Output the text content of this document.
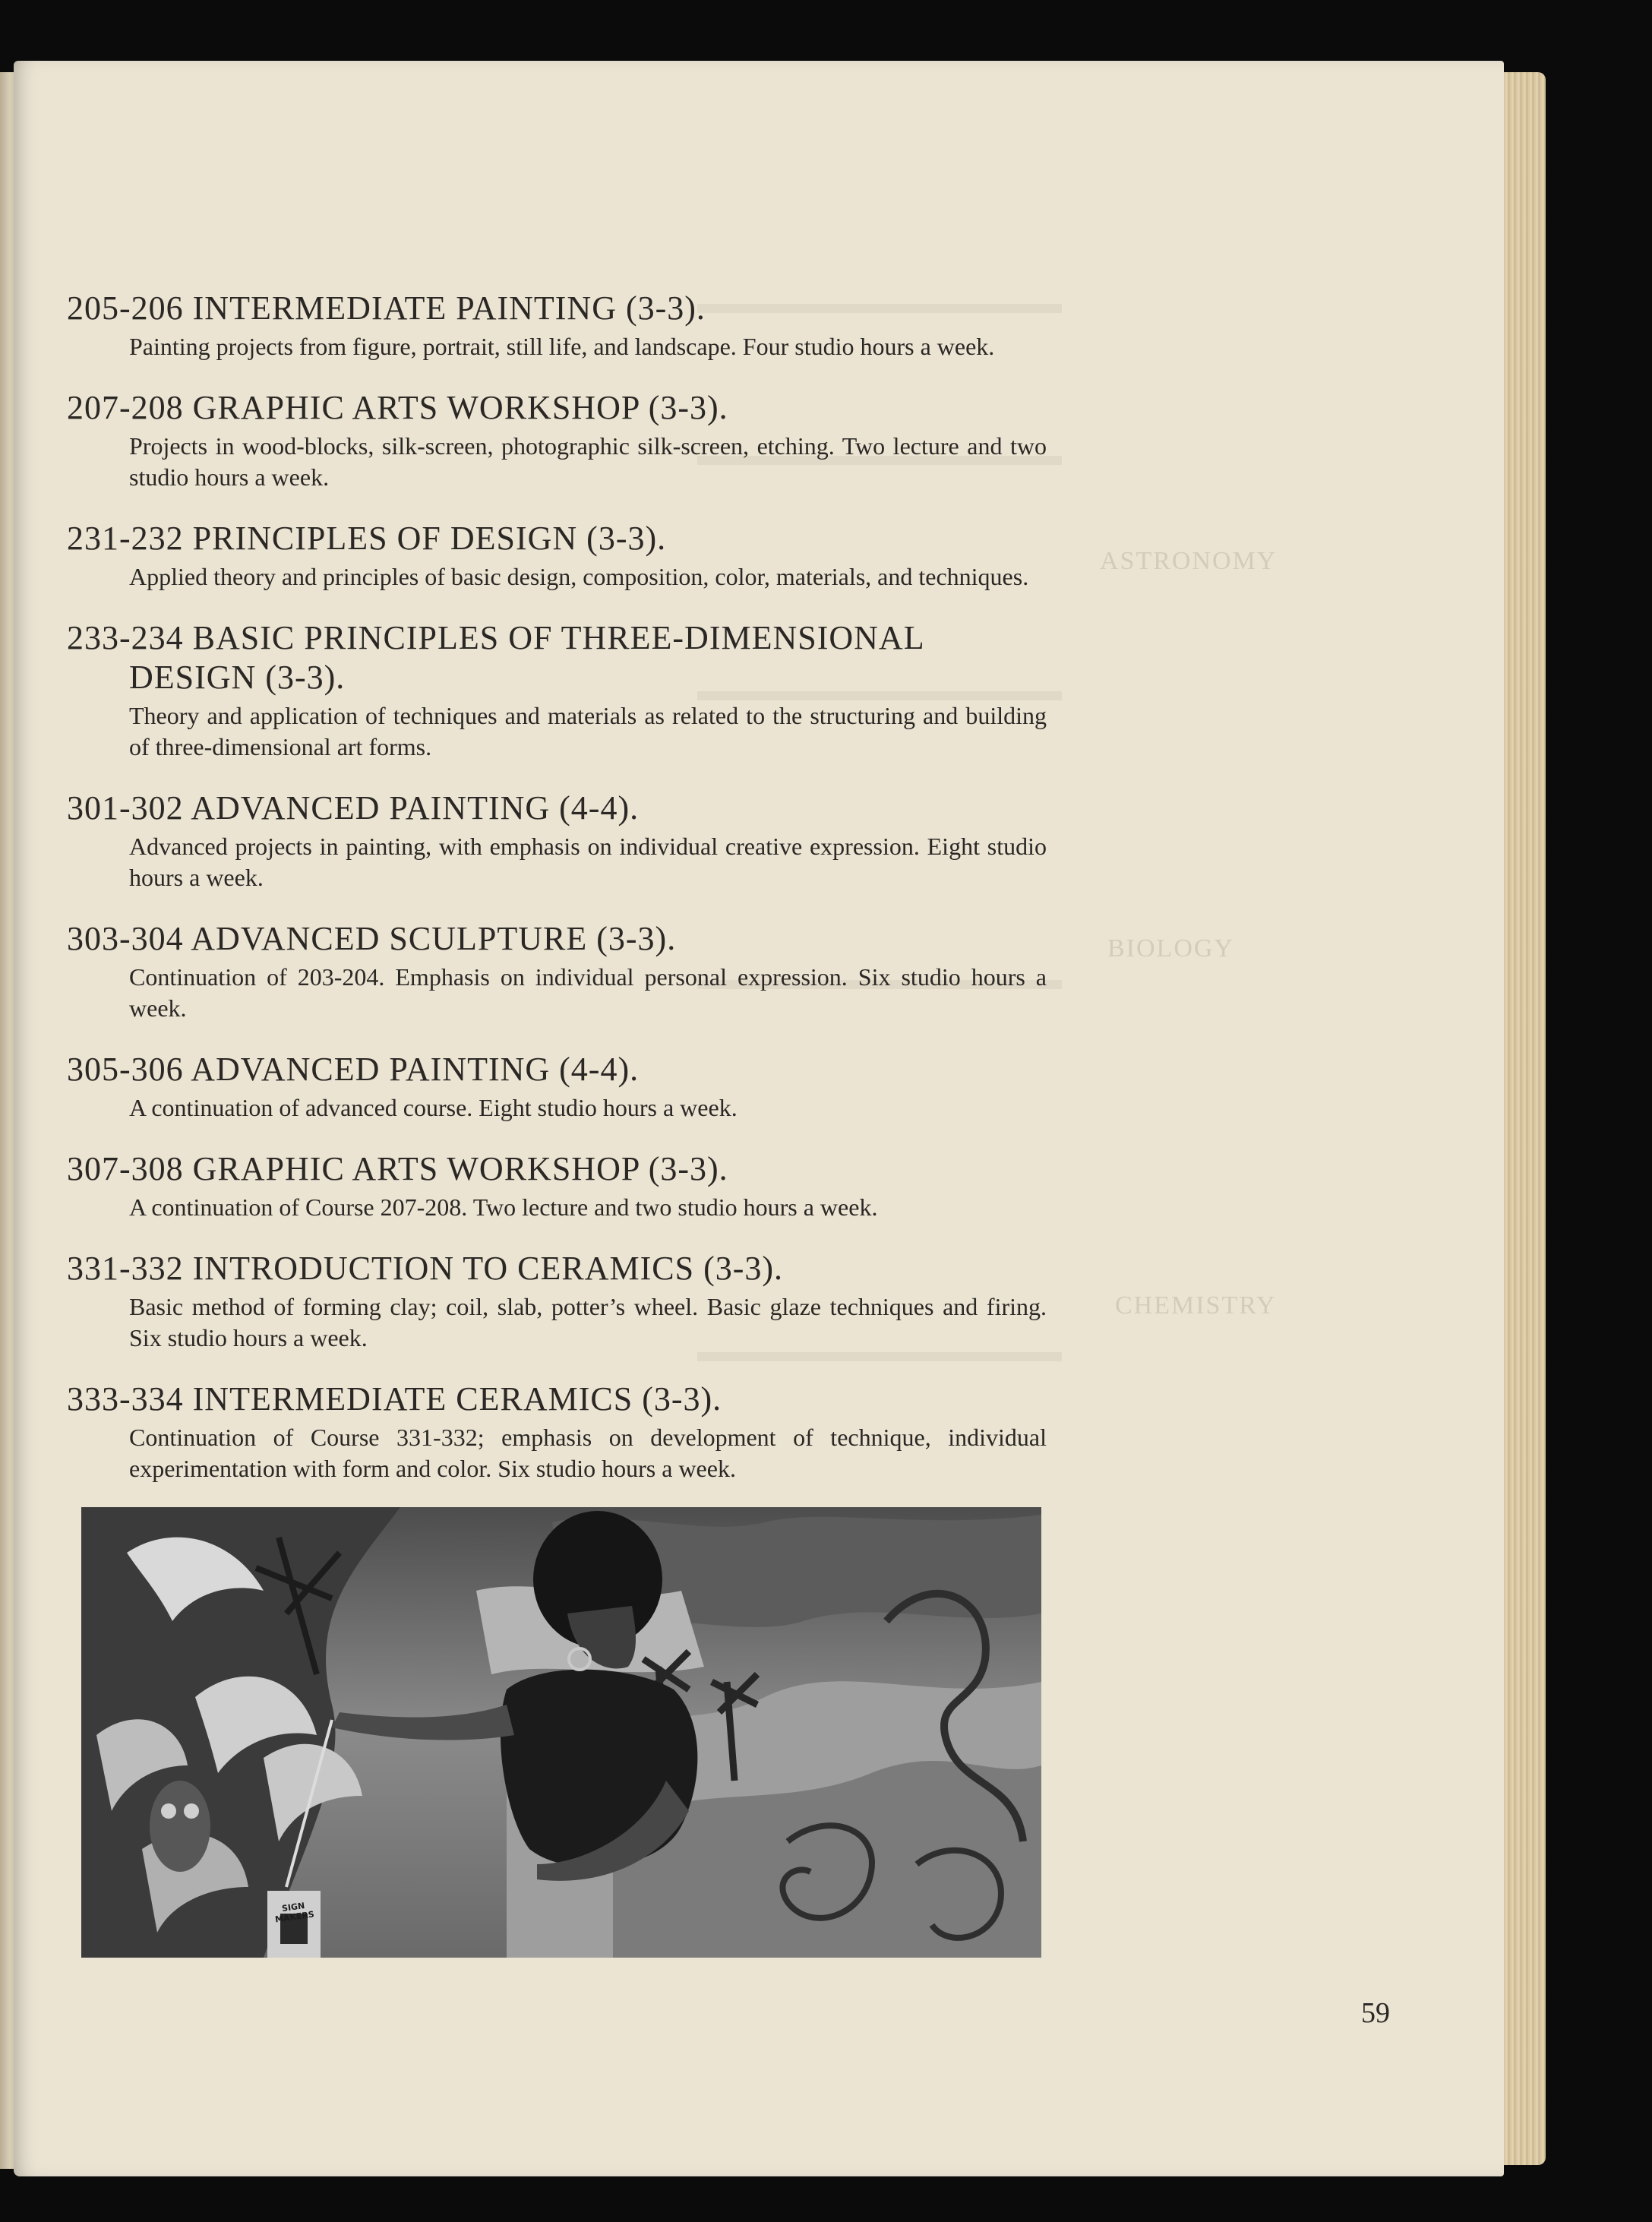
ASTRONOMY
BIOLOGY
CHEMISTRY

205-206 INTERMEDIATE PAINTING (3-3).

Painting projects from figure, portrait, still life, and landscape. Four studio hours a week.

207-208 GRAPHIC ARTS WORKSHOP (3-3).

Projects in wood-blocks, silk-screen, photographic silk-screen, etching. Two lecture and two studio hours a week.

231-232 PRINCIPLES OF DESIGN (3-3).

Applied theory and principles of basic design, composition, color, materials, and techniques.

233-234 BASIC PRINCIPLES OF THREE-DIMENSIONAL DESIGN (3-3).

Theory and application of techniques and materials as related to the structuring and building of three-dimensional art forms.

301-302 ADVANCED PAINTING (4-4).

Advanced projects in painting, with emphasis on individual creative expression. Eight studio hours a week.

303-304 ADVANCED SCULPTURE (3-3).

Continuation of 203-204. Emphasis on individual personal expression. Six studio hours a week.

305-306 ADVANCED PAINTING (4-4).

A continuation of advanced course. Eight studio hours a week.

307-308 GRAPHIC ARTS WORKSHOP (3-3).

A continuation of Course 207-208. Two lecture and two studio hours a week.

331-332 INTRODUCTION TO CERAMICS (3-3).

Basic method of forming clay; coil, slab, potter’s wheel. Basic glaze techniques and firing. Six studio hours a week.

333-334 INTERMEDIATE CERAMICS (3-3).

Continuation of Course 331-332; emphasis on development of technique, individual experimentation with form and color. Six studio hours a week.

SIGN MAKERS
59
